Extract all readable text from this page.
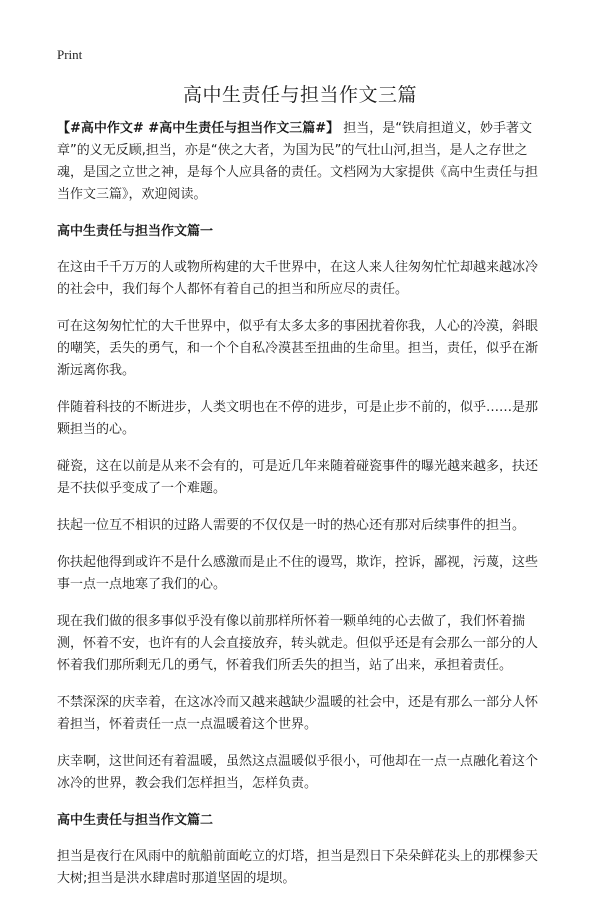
Print
高中生责任与担当作文三篇

【#高中作文# #高中生责任与担当作文三篇#】 担当，是“铁肩担道义，妙手著文章”的义无反顾,担当，亦是“侠之大者，为国为民”的气壮山河,担当，是人之存世之魂，是国之立世之神，是每个人应具备的责任。文档网为大家提供《高中生责任与担当作文三篇》，欢迎阅读。

高中生责任与担当作文篇一

在这由千千万万的人或物所构建的大千世界中，在这人来人往匆匆忙忙却越来越冰冷的社会中，我们每个人都怀有着自己的担当和所应尽的责任。

可在这匆匆忙忙的大千世界中，似乎有太多太多的事困扰着你我，人心的冷漠，斜眼的嘲笑，丢失的勇气，和一个个自私冷漠甚至扭曲的生命里。担当，责任，似乎在渐渐远离你我。

伴随着科技的不断进步，人类文明也在不停的进步，可是止步不前的，似乎……是那颗担当的心。

碰瓷，这在以前是从来不会有的，可是近几年来随着碰瓷事件的曝光越来越多，扶还是不扶似乎变成了一个难题。

扶起一位互不相识的过路人需要的不仅仅是一时的热心还有那对后续事件的担当。

你扶起他得到或许不是什么感激而是止不住的谩骂，欺诈，控诉，鄙视，污蔑，这些事一点一点地寒了我们的心。

现在我们做的很多事似乎没有像以前那样所怀着一颗单纯的心去做了，我们怀着揣测，怀着不安，也许有的人会直接放弃，转头就走。但似乎还是有会那么一部分的人怀着我们那所剩无几的勇气，怀着我们所丢失的担当，站了出来，承担着责任。

不禁深深的庆幸着，在这冰冷而又越来越缺少温暖的社会中，还是有那么一部分人怀着担当，怀着责任一点一点温暖着这个世界。

庆幸啊，这世间还有着温暖，虽然这点温暖似乎很小，可他却在一点一点融化着这个冰冷的世界，教会我们怎样担当，怎样负责。

高中生责任与担当作文篇二

担当是夜行在风雨中的航船前面屹立的灯塔，担当是烈日下朵朵鲜花头上的那棵参天大树;担当是洪水肆虐时那道坚固的堤坝。
